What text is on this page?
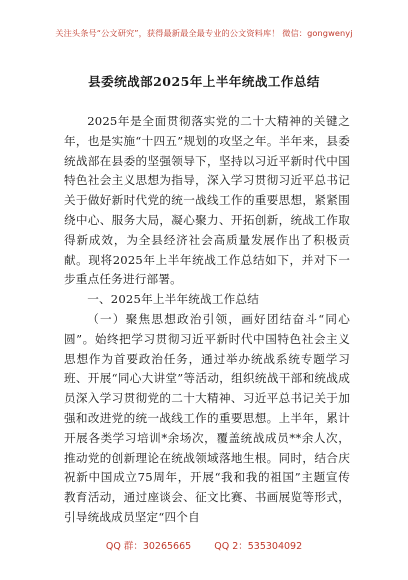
关注头条号“公文研究”，获得最新最全最专业的公文资料库！ 微信：gongwenyj
县委统战部2025年上半年统战工作总结

2025年是全面贯彻落实党的二十大精神的关键之年，也是实施“十四五”规划的攻坚之年。半年来，县委统战部在县委的坚强领导下，坚持以习近平新时代中国特色社会主义思想为指导，深入学习贯彻习近平总书记关于做好新时代党的统一战线工作的重要思想，紧紧围绕中心、服务大局，凝心聚力、开拓创新，统战工作取得新成效，为全县经济社会高质量发展作出了积极贡献。现将2025年上半年统战工作总结如下，并对下一步重点任务进行部署。

一、2025年上半年统战工作总结

（一）聚焦思想政治引领，画好团结奋斗“同心圆”。始终把学习贯彻习近平新时代中国特色社会主义思想作为首要政治任务，通过举办统战系统专题学习班、开展“同心大讲堂”等活动，组织统战干部和统战成员深入学习贯彻党的二十大精神、习近平总书记关于加强和改进党的统一战线工作的重要思想。上半年，累计开展各类学习培训*余场次，覆盖统战成员**余人次，推动党的创新理论在统战领域落地生根。同时，结合庆祝新中国成立75周年，开展“我和我的祖国”主题宣传教育活动，通过座谈会、征文比赛、书画展览等形式，引导统战成员坚定“四个自

QQ 群：30265665 QQ 2：535304092
